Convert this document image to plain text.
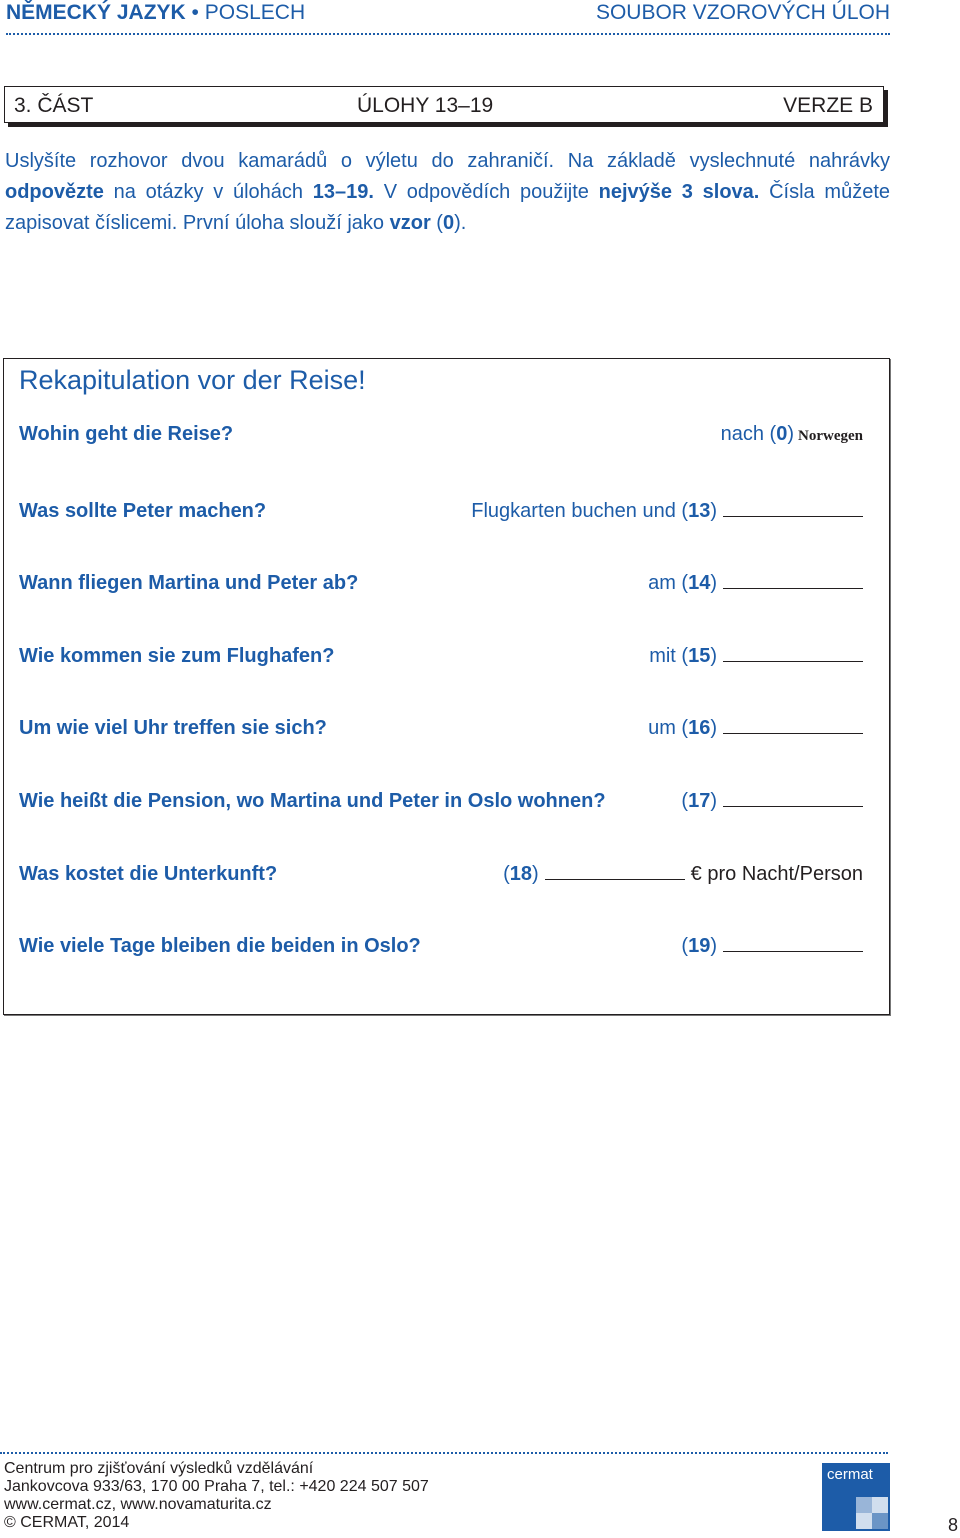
NĚMECKÝ JAZYK • POSLECH	SOUBOR VZOROVÝCH ÚLOH
3. ČÁST	ÚLOHY 13–19	VERZE B
Uslyšíte rozhovor dvou kamarádů o výletu do zahraničí. Na základě vyslechnuté nahrávky odpovězte na otázky v úlohách 13–19. V odpovědích použijte nejvýše 3 slova. Čísla můžete zapisovat číslicemi. První úloha slouží jako vzor (0).
Rekapitulation vor der Reise!
Wohin geht die Reise?	nach (0) Norwegen
Was sollte Peter machen?	Flugkarten buchen und (13)
Wann fliegen Martina und Peter ab?	am (14)
Wie kommen sie zum Flughafen?	mit (15)
Um wie viel Uhr treffen sie sich?	um (16)
Wie heißt die Pension, wo Martina und Peter in Oslo wohnen?	(17)
Was kostet die Unterkunft?	(18)	€ pro Nacht/Person
Wie viele Tage bleiben die beiden in Oslo?	(19)
Centrum pro zjišťování výsledků vzdělávání
Jankovcova 933/63, 170 00 Praha 7, tel.: +420 224 507 507
www.cermat.cz, www.novamaturita.cz
© CERMAT, 2014
cermat
8
